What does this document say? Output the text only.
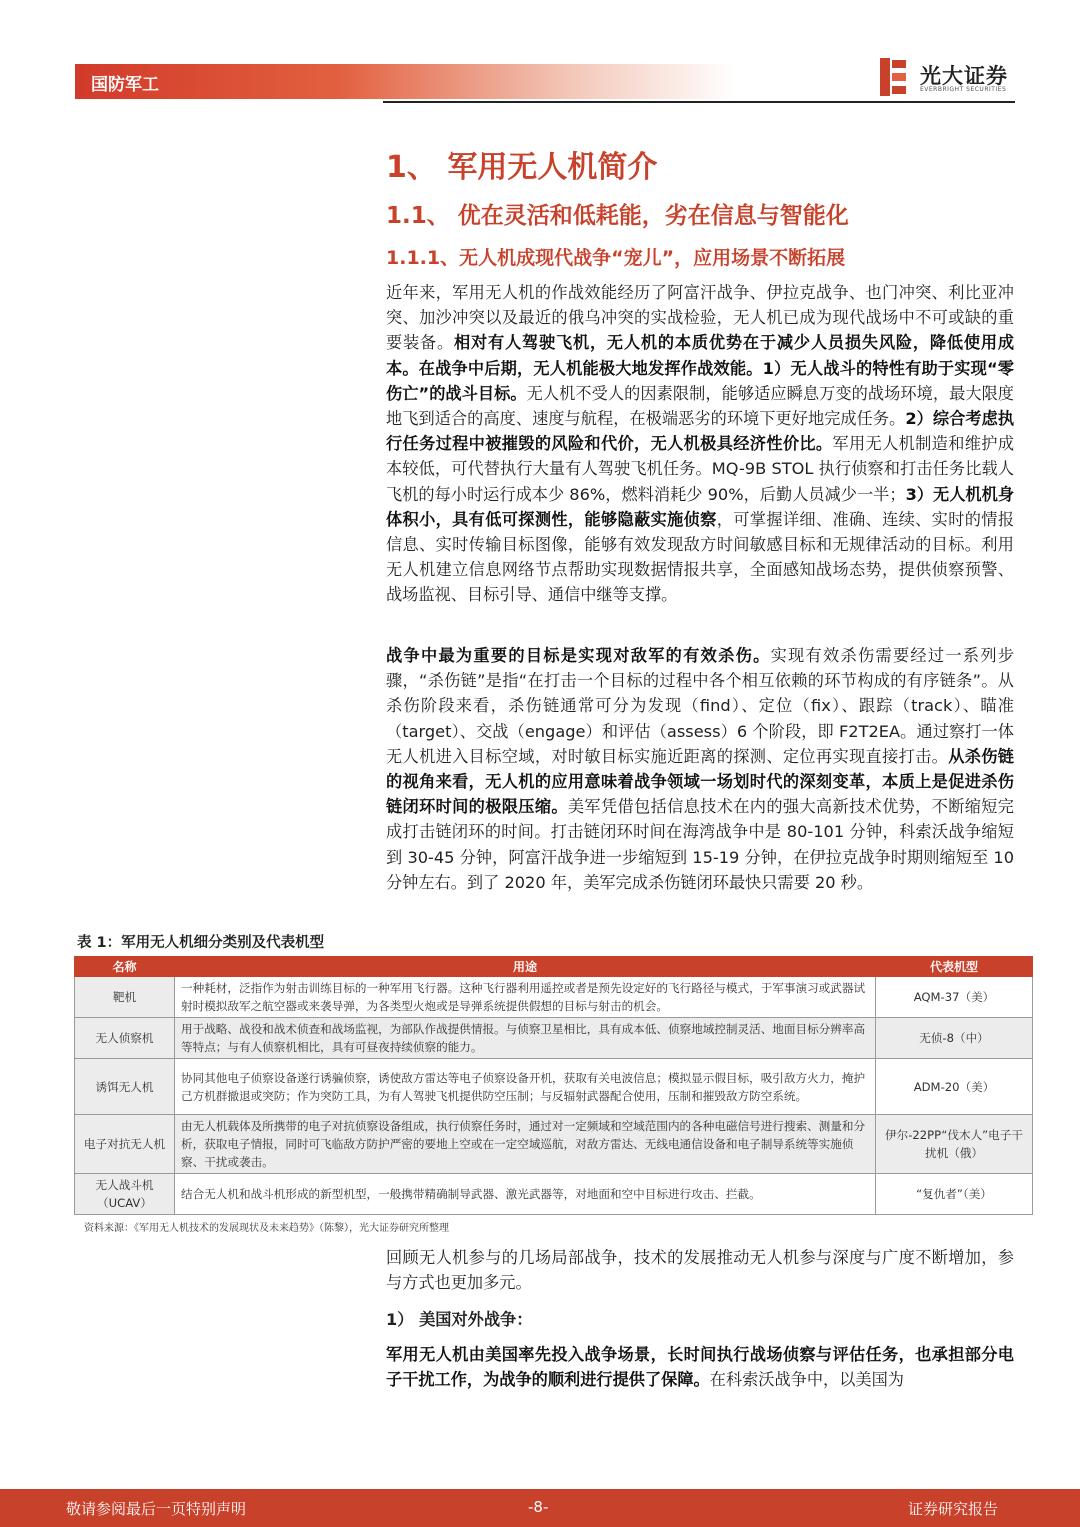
国防军工	光大证券
EVERBRIGHT SECURITIES
1、 军用无人机简介
1.1、 优在灵活和低耗能，劣在信息与智能化
1.1.1、无人机成现代战争“宠儿”，应用场景不断拓展
近年来，军用无人机的作战效能经历了阿富汗战争、伊拉克战争、也门冲突、利比亚冲突、加沙冲突以及最近的俄乌冲突的实战检验，无人机已成为现代战场中不可或缺的重要装备。相对有人驾驶飞机，无人机的本质优势在于减少人员损失风险，降低使用成本。在战争中后期，无人机能极大地发挥作战效能。1）无人战斗的特性有助于实现“零伤亡”的战斗目标。无人机不受人的因素限制，能够适应瞬息万变的战场环境，最大限度地飞到适合的高度、速度与航程，在极端恶劣的环境下更好地完成任务。2）综合考虑执行任务过程中被摧毁的风险和代价，无人机极具经济性价比。军用无人机制造和维护成本较低，可代替执行大量有人驾驶飞机任务。MQ-9B STOL 执行侦察和打击任务比载人飞机的每小时运行成本少 86%，燃料消耗少 90%，后勤人员减少一半；3）无人机机身体积小，具有低可探测性，能够隐蔽实施侦察，可掌握详细、准确、连续、实时的情报信息、实时传输目标图像，能够有效发现敌方时间敏感目标和无规律活动的目标。利用无人机建立信息网络节点帮助实现数据情报共享，全面感知战场态势，提供侦察预警、战场监视、目标引导、通信中继等支撑。
战争中最为重要的目标是实现对敌军的有效杀伤。实现有效杀伤需要经过一系列步骤，“杀伤链”是指“在打击一个目标的过程中各个相互依赖的环节构成的有序链条”。从杀伤阶段来看，杀伤链通常可分为发现（find）、定位（fix）、跟踪（track）、瞄准（target）、交战（engage）和评估（assess）6 个阶段，即 F2T2EA。通过察打一体无人机进入目标空域，对时敏目标实施近距离的探测、定位再实现直接打击。从杀伤链的视角来看，无人机的应用意味着战争领域一场划时代的深刻变革，本质上是促进杀伤链闭环时间的极限压缩。美军凭借包括信息技术在内的强大高新技术优势，不断缩短完成打击链闭环的时间。打击链闭环时间在海湾战争中是 80-101 分钟，科索沃战争缩短到 30-45 分钟，阿富汗战争进一步缩短到 15-19 分钟，在伊拉克战争时期则缩短至 10 分钟左右。到了 2020 年，美军完成杀伤链闭环最快只需要 20 秒。
表 1：军用无人机细分类别及代表机型
名称	用途	代表机型
靶机	一种耗材，泛指作为射击训练目标的一种军用飞行器。这种飞行器利用遥控或者是预先设定好的飞行路径与模式，于军事演习或武器试射时模拟敌军之航空器或来袭导弹，为各类型火炮或是导弹系统提供假想的目标与射击的机会。	AQM-37（美）
无人侦察机	用于战略、战役和战术侦查和战场监视，为部队作战提供情报。与侦察卫星相比，具有成本低、侦察地域控制灵活、地面目标分辨率高等特点；与有人侦察机相比，具有可昼夜持续侦察的能力。	无侦-8（中）
诱饵无人机	协同其他电子侦察设备遂行诱骗侦察，诱使敌方雷达等电子侦察设备开机，获取有关电波信息；模拟显示假目标，吸引敌方火力，掩护己方机群撤退或突防；作为突防工具，为有人驾驶飞机提供防空压制；与反辐射武器配合使用，压制和摧毁敌方防空系统。	ADM-20（美）
电子对抗无人机	由无人机载体及所携带的电子对抗侦察设备组成，执行侦察任务时，通过对一定频域和空域范围内的各种电磁信号进行搜索、测量和分析，获取电子情报，同时可飞临敌方防护严密的要地上空或在一定空域巡航，对敌方雷达、无线电通信设备和电子制导系统等实施侦察、干扰或袭击。	伊尔-22PP“伐木人”电子干扰机（俄）
无人战斗机（UCAV）	结合无人机和战斗机形成的新型机型，一般携带精确制导武器、激光武器等，对地面和空中目标进行攻击、拦截。	“复仇者”（美）
资料来源：《军用无人机技术的发展现状及未来趋势》（陈黎），光大证券研究所整理
回顾无人机参与的几场局部战争，技术的发展推动无人机参与深度与广度不断增加，参与方式也更加多元。
1） 美国对外战争：
军用无人机由美国率先投入战争场景，长时间执行战场侦察与评估任务，也承担部分电子干扰工作，为战争的顺利进行提供了保障。在科索沃战争中，以美国为
敬请参阅最后一页特别声明	-8-	证券研究报告
